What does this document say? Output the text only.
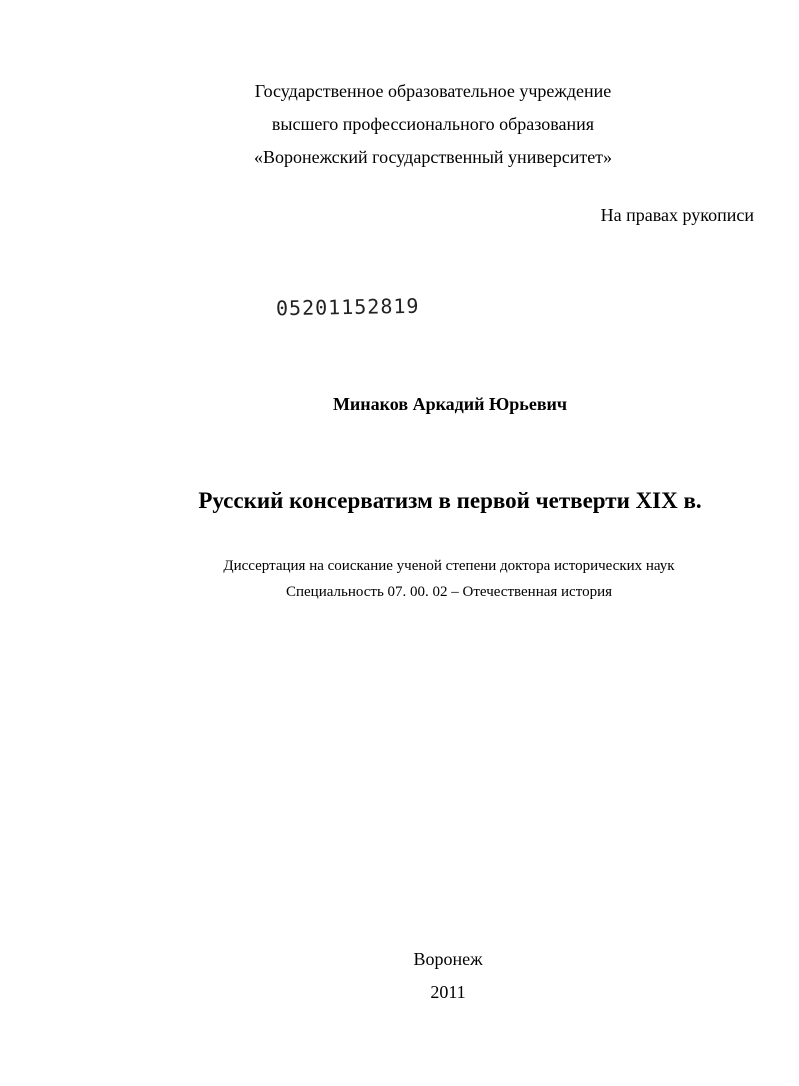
Государственное образовательное учреждение
высшего профессионального образования
«Воронежский государственный университет»
На правах рукописи
05201152819
Минаков Аркадий Юрьевич
Русский консерватизм в первой четверти XIX в.
Диссертация на соискание ученой степени доктора исторических наук
Специальность 07. 00. 02 – Отечественная история
Воронеж
2011
